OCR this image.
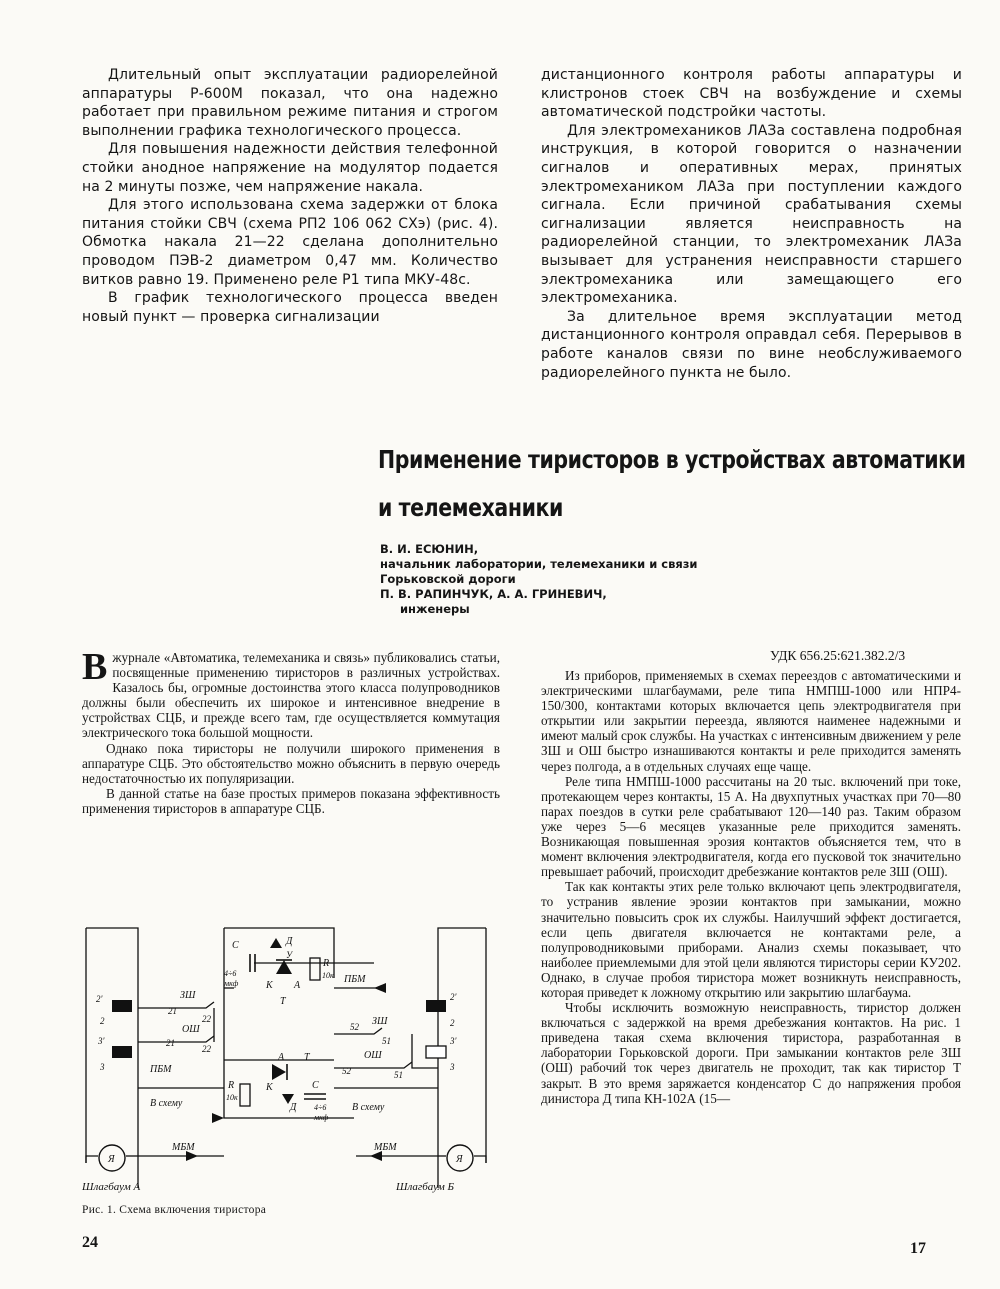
Длительный опыт эксплуатации радиорелейной аппаратуры Р-600М показал, что она надежно работает при правильном режиме питания и строгом выполнении графика технологического процесса.

Для повышения надежности действия телефонной стойки анодное напряжение на модулятор подается на 2 минуты позже, чем напряжение накала.

Для этого использована схема задержки от блока питания стойки СВЧ (схема РП2 106 062 СХэ) (рис. 4). Обмотка накала 21—22 сделана дополнительно проводом ПЭВ-2 диаметром 0,47 мм. Количество витков равно 19. Применено реле Р1 типа МКУ-48с.

В график технологического процесса введен новый пункт — проверка сигнализации

дистанционного контроля работы аппаратуры и клистронов стоек СВЧ на возбуждение и схемы автоматической подстройки частоты.

Для электромехаников ЛАЗа составлена подробная инструкция, в которой говорится о назначении сигналов и оперативных мерах, принятых электромехаником ЛАЗа при поступлении каждого сигнала. Если причиной срабатывания схемы сигнализации является неисправность на радиорелейной станции, то электромеханик ЛАЗа вызывает для устранения неисправности старшего электромеханика или замещающего его электромеханика.

За длительное время эксплуатации метод дистанционного контроля оправдал себя. Перерывов в работе каналов связи по вине необслуживаемого радиорелейного пункта не было.

Применение тиристоров в устройствах автоматики
и телемеханики
В. И. ЕСЮНИН,
начальник лаборатории, телемеханики и связи
Горьковской дороги
П. В. РАПИНЧУК, А. А. ГРИНЕВИЧ,
инженеры
УДК 656.25:621.382.2/3

Вжурнале «Автоматика, телемеханика и связь» публиковались статьи, посвященные применению тиристоров в различных устройствах. Казалось бы, огромные достоинства этого класса полупроводников должны были обеспечить их широкое и интенсивное внедрение в устройствах СЦБ, и прежде всего там, где осуществляется коммутация электрического тока большой мощности.

Однако пока тиристоры не получили широкого применения в аппаратуре СЦБ. Это обстоятельство можно объяснить в первую очередь недостаточностью их популяризации.

В данной статье на базе простых примеров показана эффективность применения тиристоров в аппаратуре СЦБ.

Из приборов, применяемых в схемах переездов с автоматическими и электрическими шлагбаумами, реле типа НМПШ-1000 или НПР4-150/300, контактами которых включается цепь электродвигателя при открытии или закрытии переезда, являются наименее надежными и имеют малый срок службы. На участках с интенсивным движением у реле ЗШ и ОШ быстро изнашиваются контакты и реле приходится заменять через полгода, а в отдельных случаях еще чаще.

Реле типа НМПШ-1000 рассчитаны на 20 тыс. включений при токе, протекающем через контакты, 15 А. На двухпутных участках при 70—80 парах поездов в сутки реле срабатывают 120—140 раз. Таким образом уже через 5—6 месяцев указанные реле приходится заменять. Возникающая повышенная эрозия контактов объясняется тем, что в момент включения электродвигателя, когда его пусковой ток значительно превышает рабочий, происходит дребезжание контактов реле ЗШ (ОШ).

Так как контакты этих реле только включают цепь электродвигателя, то устранив явление эрозии контактов при замыкании, можно значительно повысить срок их службы. Наилучший эффект достигается, если цепь двигателя включается не контактами реле, а полупроводниковыми приборами. Анализ схемы показывает, что наиболее приемлемыми для этой цели являются тиристоры серии КУ202. Однако, в случае пробоя тиристора может возникнуть неисправность, которая приведет к ложному открытию или закрытию шлагбаума.

Чтобы исключить возможную неисправность, тиристор должен включаться с задержкой на время дребезжания контактов. На рис. 1 приведена такая схема включения тиристора, разработанная в лаборатории Горьковской дороги. При замыкании контактов реле ЗШ (ОШ) рабочий ток через двигатель не проходит, так как тиристор Т закрыт. В это время заряжается конденсатор С до напряжения пробоя динистора Д типа КН-102А (15—

С
4÷6
мкф
Д
У
R
10к
К А
Т
ПБМ
ЗШ
21
22
ОШ
21
22
2'
2
3'
3	ПБМ
В схему
А Т
К
Д
R
10к
С
4÷6
мкф
52 ЗШ
51
ОШ
52	51
2'
2
3'
3
В схему
МБМ	МБМ
Я	Я
Шлагбаум А	Шлагбаум Б
Рис. 1. Схема включения тиристора
24	17
